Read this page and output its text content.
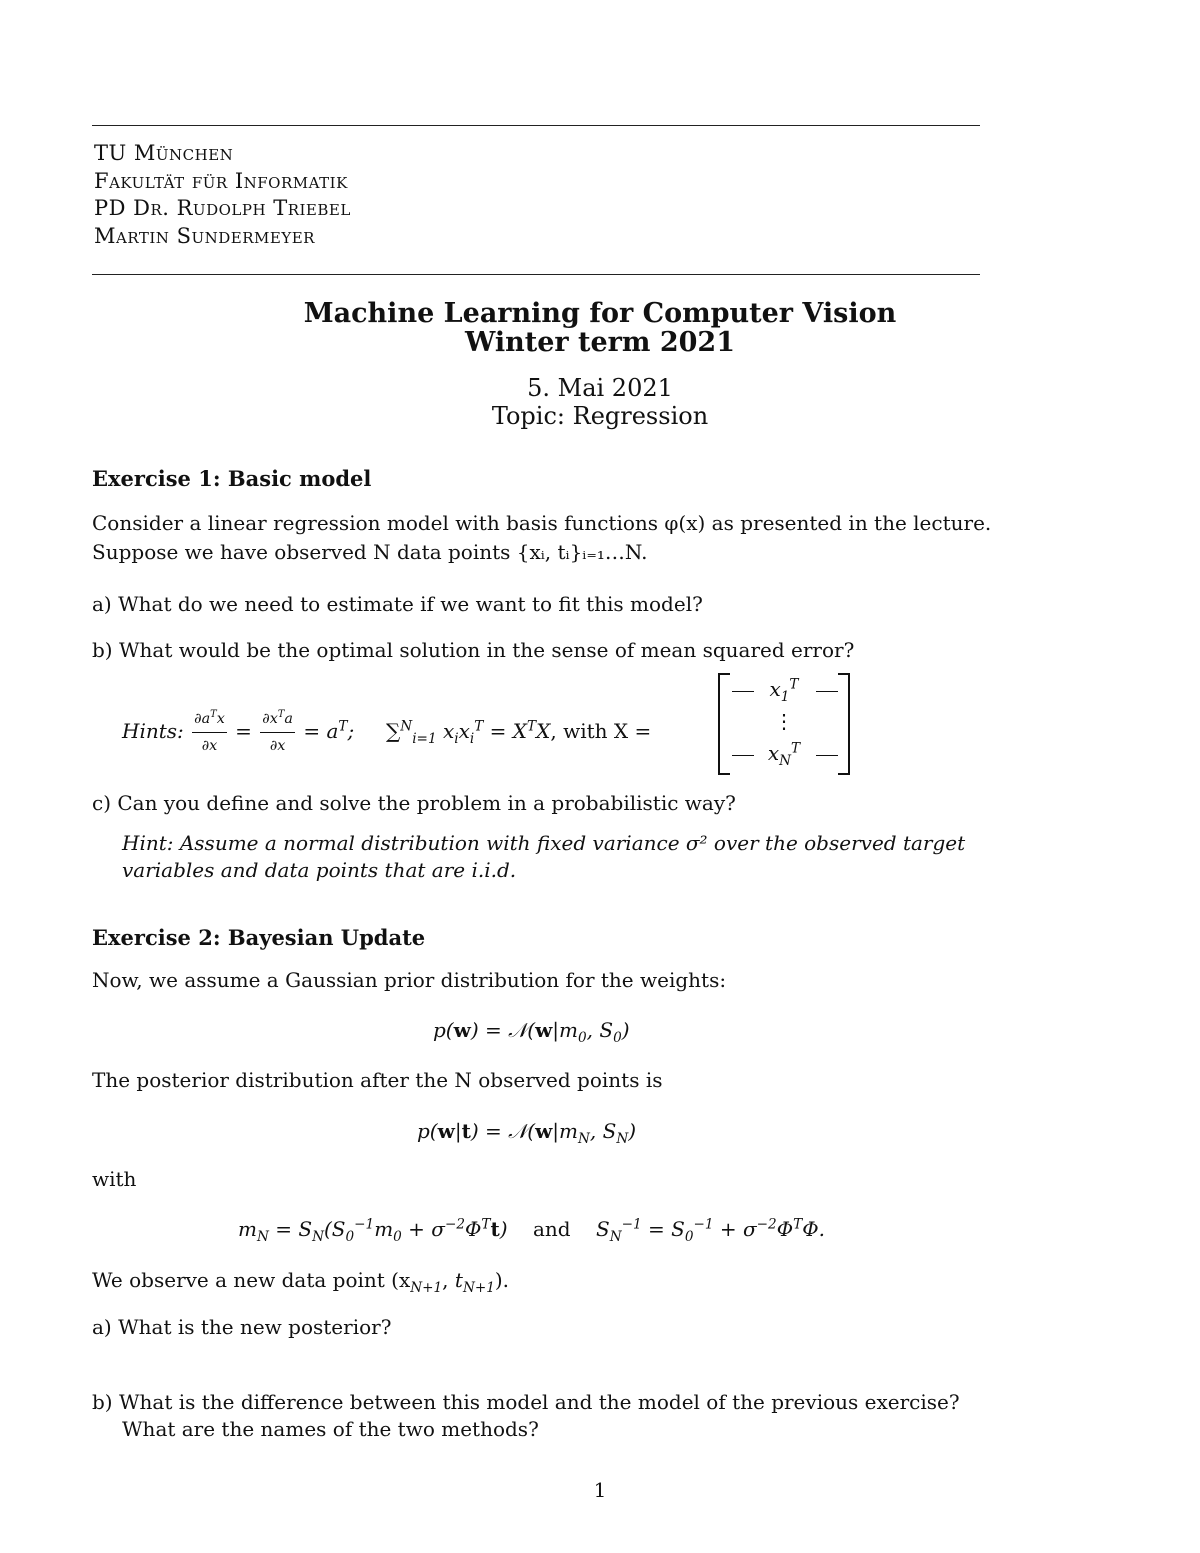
TU München
Fakultät für Informatik
PD Dr. Rudolph Triebel
Martin Sundermeyer
Machine Learning for Computer Vision
Winter term 2021
5. Mai 2021
Topic: Regression
Exercise 1: Basic model
Consider a linear regression model with basis functions φ(x) as presented in the lecture.
Suppose we have observed N data points {xᵢ, tᵢ}ᵢ₌₁…N.
a) What do we need to estimate if we want to fit this model?
b) What would be the optimal solution in the sense of mean squared error?
Hints: $\frac{\partial a^Tx}{\partial x} = \frac{\partial x^Ta}{\partial x} = a^T$;     ∑$^N_{i=1}$ $x_ix_i^T = X^TX$, with X =
$x_1^T$
⋮
$x_N^T$
c) Can you define and solve the problem in a probabilistic way?
Hint: Assume a normal distribution with fixed variance σ² over the observed target
variables and data points that are i.i.d.
Exercise 2: Bayesian Update
Now, we assume a Gaussian prior distribution for the weights:
$p(w) = 𝒩(w|m_0$, $S_0$)
The posterior distribution after the N observed points is
$p(w|t) = 𝒩(w|m_N$, $S_N$)
with
$m_N = S_N(S_0^{-1}m_0 + \sigma^{-2}\Phi^Tt)$    and    $S_N^{-1} = S_0^{-1} + \sigma^{-2}\Phi^T\Phi$.
We observe a new data point ($x_{N+1}$, $t_{N+1}$).
a) What is the new posterior?
b) What is the difference between this model and the model of the previous exercise?
What are the names of the two methods?
1
